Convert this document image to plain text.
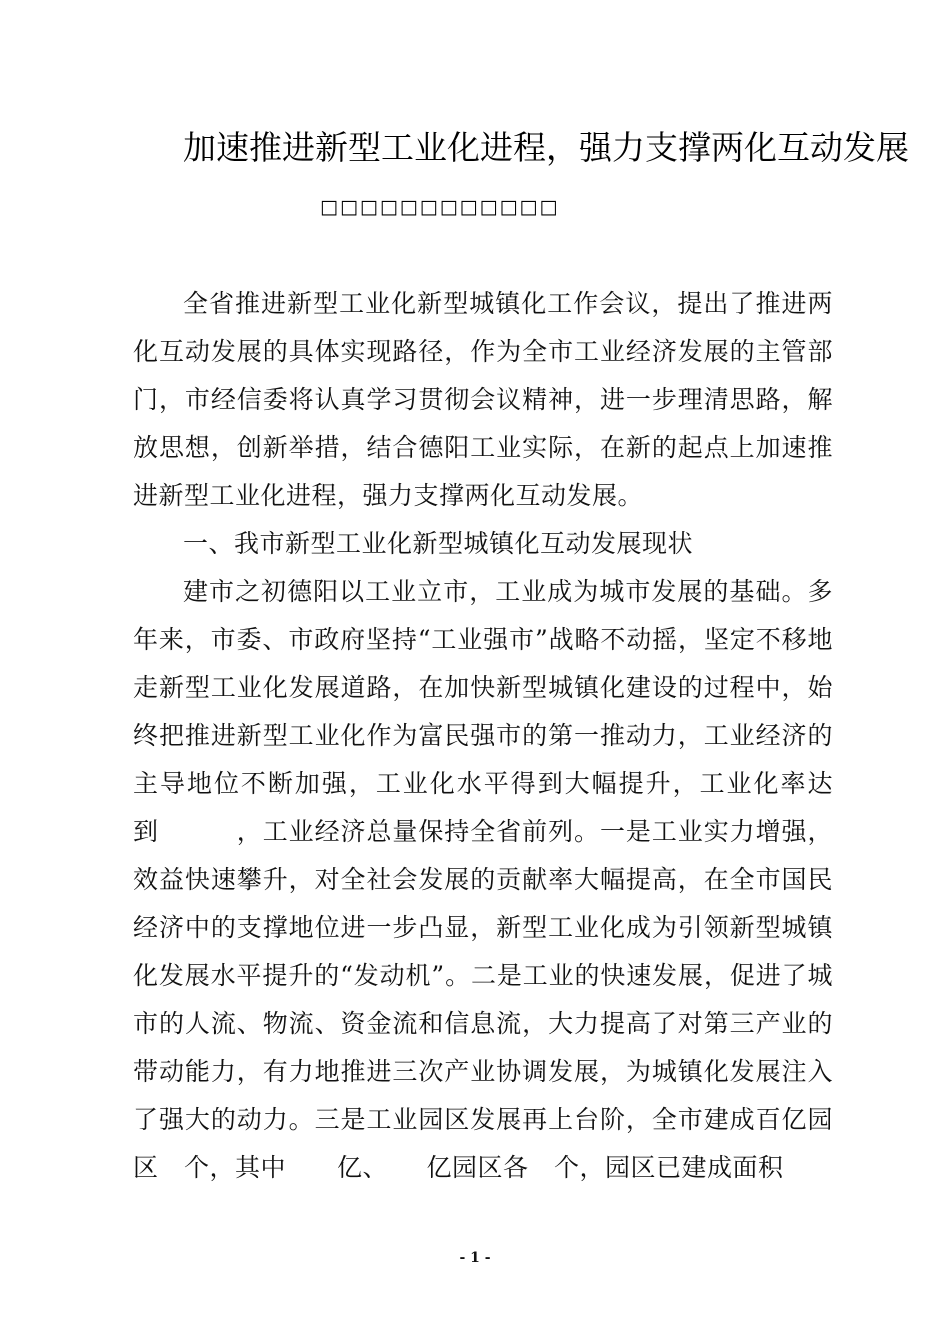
加速推进新型工业化进程，强力支撑两化互动发展
□□□□□□□□□□□□

全省推进新型工业化新型城镇化工作会议，提出了推进两化互动发展的具体实现路径，作为全市工业经济发展的主管部门，市经信委将认真学习贯彻会议精神，进一步理清思路，解放思想，创新举措，结合德阳工业实际，在新的起点上加速推进新型工业化进程，强力支撑两化互动发展。

一、我市新型工业化新型城镇化互动发展现状

建市之初德阳以工业立市，工业成为城市发展的基础。多年来，市委、市政府坚持“工业强市”战略不动摇，坚定不移地走新型工业化发展道路，在加快新型城镇化建设的过程中，始终把推进新型工业化作为富民强市的第一推动力，工业经济的主导地位不断加强，工业化水平得到大幅提升，工业化率达到　　　，工业经济总量保持全省前列。一是工业实力增强，效益快速攀升，对全社会发展的贡献率大幅提高，在全市国民经济中的支撑地位进一步凸显，新型工业化成为引领新型城镇化发展水平提升的“发动机”。二是工业的快速发展，促进了城市的人流、物流、资金流和信息流，大力提高了对第三产业的带动能力，有力地推进三次产业协调发展，为城镇化发展注入了强大的动力。三是工业园区发展再上台阶，全市建成百亿园区　个，其中　　亿、　　亿园区各　个，园区已建成面积

- 1 -
